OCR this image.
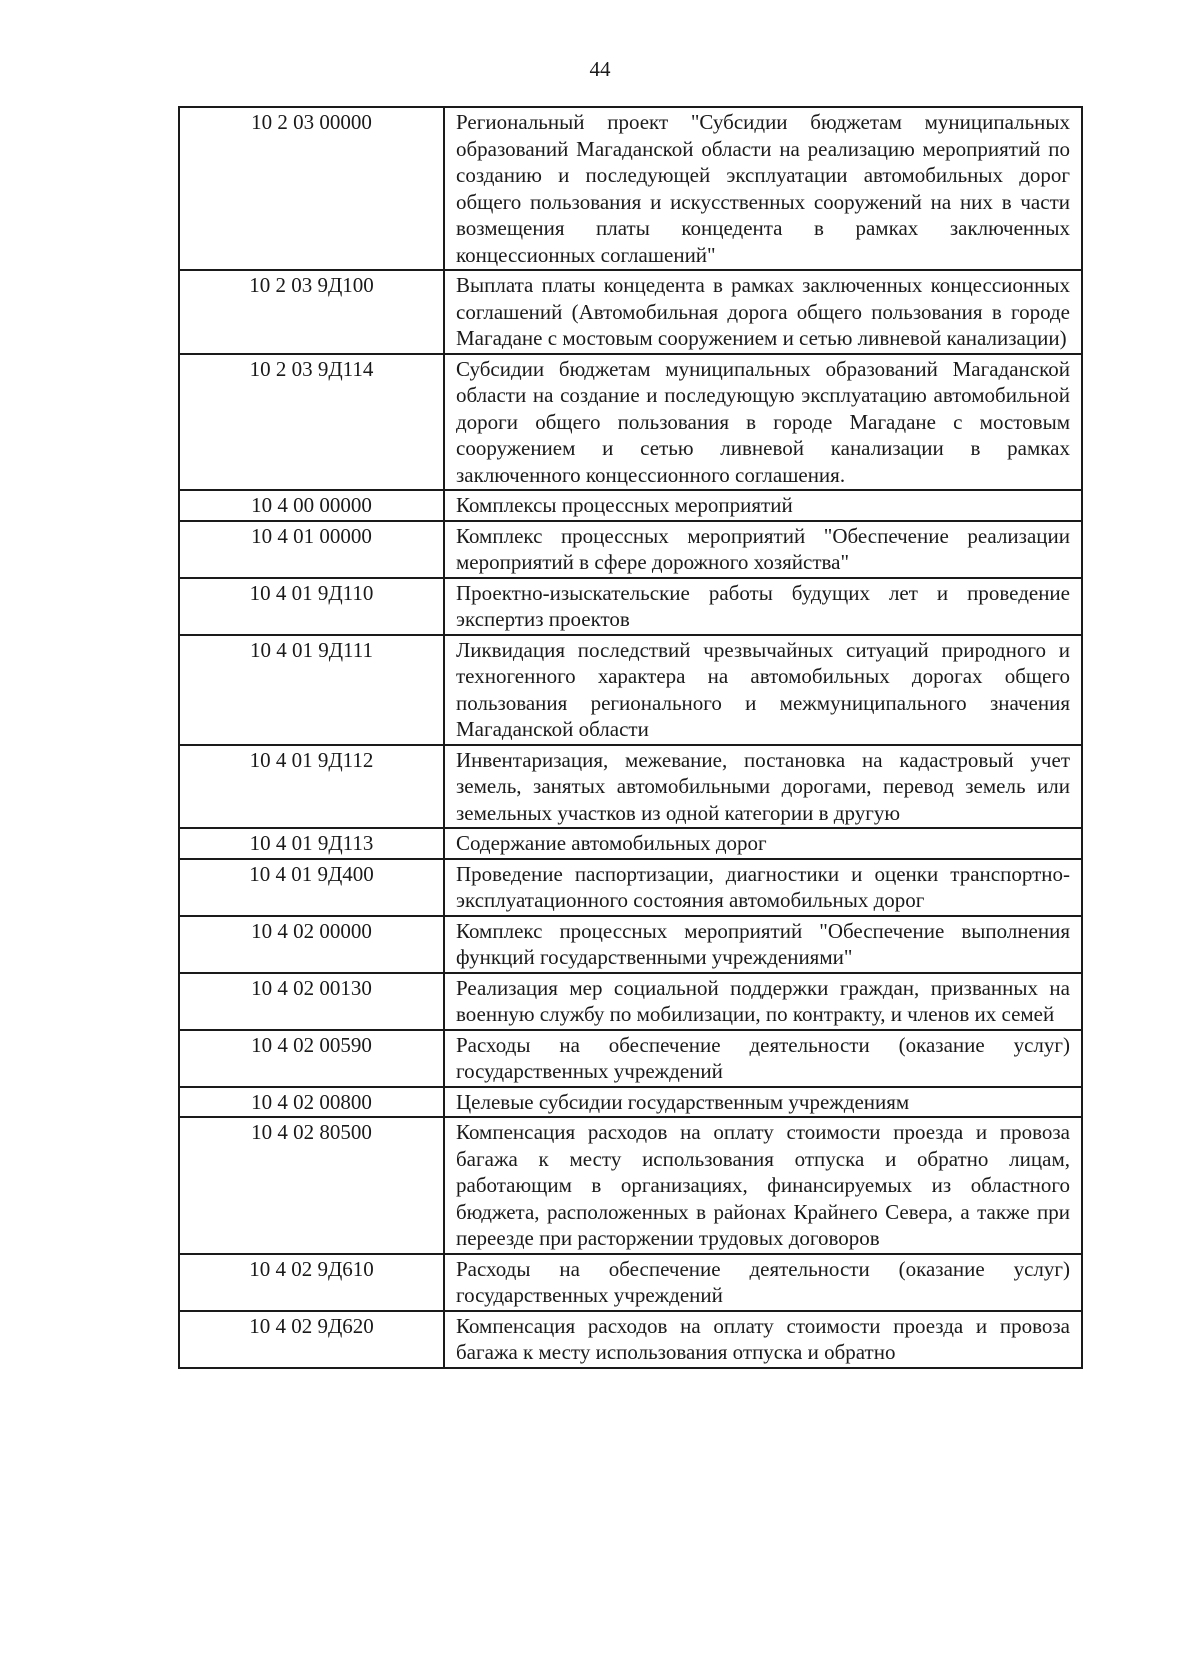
44
10 2 03 00000	Региональный проект "Субсидии бюджетам муниципальных образований Магаданской области на реализацию мероприятий по созданию и последующей эксплуатации автомобильных дорог общего пользования и искусственных сооружений на них в части возмещения платы концедента в рамках заключенных концессионных соглашений"
10 2 03 9Д100	Выплата платы концедента в рамках заключенных концессионных соглашений (Автомобильная дорога общего пользования в городе Магадане с мостовым сооружением и сетью ливневой канализации)
10 2 03 9Д114	Субсидии бюджетам муниципальных образований Магаданской области на создание и последующую эксплуатацию автомобильной дороги общего пользования в городе Магадане с мостовым сооружением и сетью ливневой канализации в рамках заключенного концессионного соглашения.
10 4 00 00000	Комплексы процессных мероприятий
10 4 01 00000	Комплекс процессных мероприятий "Обеспечение реализации мероприятий в сфере дорожного хозяйства"
10 4 01 9Д110	Проектно-изыскательские работы будущих лет и проведение экспертиз проектов
10 4 01 9Д111	Ликвидация последствий чрезвычайных ситуаций природного и техногенного характера на автомобильных дорогах общего пользования регионального и межмуниципального значения Магаданской области
10 4 01 9Д112	Инвентаризация, межевание, постановка на кадастровый учет земель, занятых автомобильными дорогами, перевод земель или земельных участков из одной категории в другую
10 4 01 9Д113	Содержание автомобильных дорог
10 4 01 9Д400	Проведение паспортизации, диагностики и оценки транспортно-эксплуатационного состояния автомобильных дорог
10 4 02 00000	Комплекс процессных мероприятий "Обеспечение выполнения функций государственными учреждениями"
10 4 02 00130	Реализация мер социальной поддержки граждан, призванных на военную службу по мобилизации, по контракту, и членов их семей
10 4 02 00590	Расходы на обеспечение деятельности (оказание услуг) государственных учреждений
10 4 02 00800	Целевые субсидии государственным учреждениям
10 4 02 80500	Компенсация расходов на оплату стоимости проезда и провоза багажа к месту использования отпуска и обратно лицам, работающим в организациях, финансируемых из областного бюджета, расположенных в районах Крайнего Севера, а также при переезде при расторжении трудовых договоров
10 4 02 9Д610	Расходы на обеспечение деятельности (оказание услуг) государственных учреждений
10 4 02 9Д620	Компенсация расходов на оплату стоимости проезда и провоза багажа к месту использования отпуска и обратно
